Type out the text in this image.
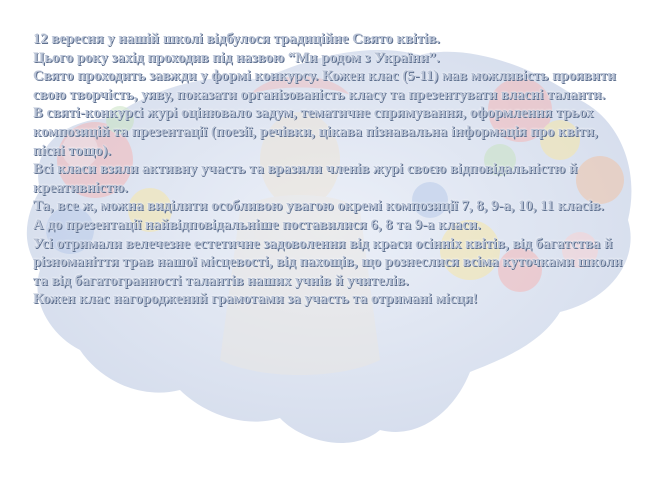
12 вересня у нашій школі відбулося традиційне Свято квітів.
Цього року захід проходив під назвою “Ми родом з України”.
Свято проходить завжди у формі конкурсу. Кожен клас (5-11) мав можливість проявити свою творчість, уяву, показати організованість класу та презентувати власні таланти.
В святі-конкурсі журі оцінювало задум, тематичне спрямування, оформлення трьох композицій та презентації (поезії, речівки, цікава пізнавальна інформація про квіти, пісні тощо).
Всі класи взяли активну участь та вразили членів журі своєю відповідальністю й креативністю.
Та, все ж, можна виділити особливою увагою окремі композиції 7, 8, 9-а, 10, 11 класів.
А до презентації найвідповідальніше поставилися 6, 8 та 9-а класи.
Усі отримали велечезне естетичне задоволення від краси осінніх квітів, від багатства й різноманіття трав нашої місцевості, від пахощів, що рознеслися всіма куточками школи та від багатогранності талантів наших учнів й учителів.
Кожен клас нагороджений грамотами за участь та отримані місця!
